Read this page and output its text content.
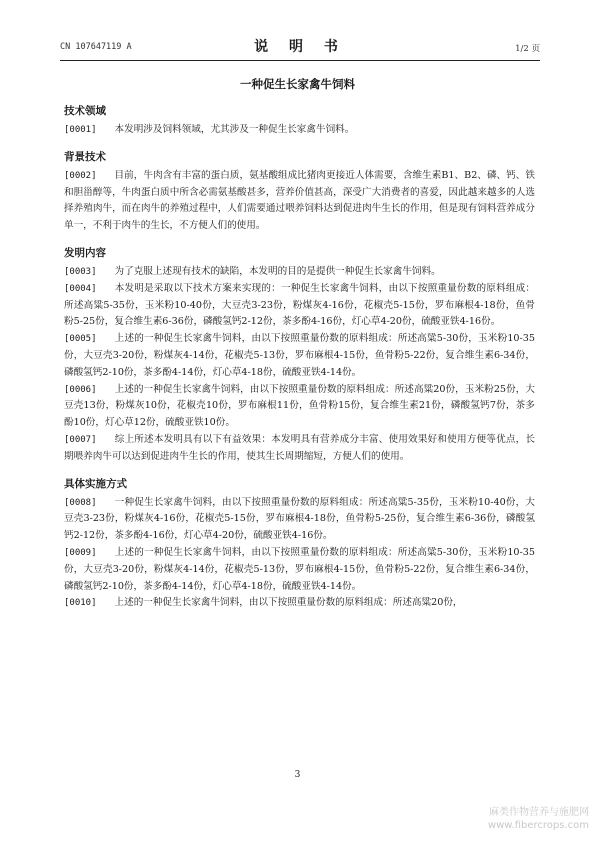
CN 107647119 A	说 明 书	1/2 页
一种促生长家禽牛饲料
技术领域

[0001] 本发明涉及饲料领域，尤其涉及一种促生长家禽牛饲料。

背景技术

[0002] 目前，牛肉含有丰富的蛋白质，氨基酸组成比猪肉更接近人体需要，含维生素B1、B2、磷、钙、铁和胆甾醇等，牛肉蛋白质中所含必需氨基酸甚多，营养价值甚高，深受广大消费者的喜爱，因此越来越多的人选择养殖肉牛，而在肉牛的养殖过程中，人们需要通过喂养饲料达到促进肉牛生长的作用，但是现有饲料营养成分单一，不利于肉牛的生长，不方便人们的使用。

发明内容

[0003] 为了克服上述现有技术的缺陷，本发明的目的是提供一种促生长家禽牛饲料。

[0004] 本发明是采取以下技术方案来实现的：一种促生长家禽牛饲料，由以下按照重量份数的原料组成：所述高粱5-35份，玉米粉10-40份，大豆壳3-23份，粉煤灰4-16份，花椒壳5-15份，罗布麻根4-18份，鱼骨粉5-25份，复合维生素6-36份，磷酸氢钙2-12份，茶多酚4-16份，灯心草4-20份，硫酸亚铁4-16份。

[0005] 上述的一种促生长家禽牛饲料，由以下按照重量份数的原料组成：所述高粱5-30份，玉米粉10-35份，大豆壳3-20份，粉煤灰4-14份，花椒壳5-13份，罗布麻根4-15份，鱼骨粉5-22份，复合维生素6-34份，磷酸氢钙2-10份，茶多酚4-14份，灯心草4-18份，硫酸亚铁4-14份。

[0006] 上述的一种促生长家禽牛饲料，由以下按照重量份数的原料组成：所述高粱20份，玉米粉25份，大豆壳13份，粉煤灰10份，花椒壳10份，罗布麻根11份，鱼骨粉15份，复合维生素21份，磷酸氢钙7份，茶多酚10份，灯心草12份，硫酸亚铁10份。

[0007] 综上所述本发明具有以下有益效果：本发明具有营养成分丰富、使用效果好和使用方便等优点，长期喂养肉牛可以达到促进肉牛生长的作用，使其生长周期缩短，方便人们的使用。

具体实施方式

[0008] 一种促生长家禽牛饲料，由以下按照重量份数的原料组成：所述高粱5-35份，玉米粉10-40份，大豆壳3-23份，粉煤灰4-16份，花椒壳5-15份，罗布麻根4-18份，鱼骨粉5-25份，复合维生素6-36份，磷酸氢钙2-12份，茶多酚4-16份，灯心草4-20份，硫酸亚铁4-16份。

[0009] 上述的一种促生长家禽牛饲料，由以下按照重量份数的原料组成：所述高粱5-30份，玉米粉10-35份，大豆壳3-20份，粉煤灰4-14份，花椒壳5-13份，罗布麻根4-15份，鱼骨粉5-22份，复合维生素6-34份，磷酸氢钙2-10份，茶多酚4-14份，灯心草4-18份，硫酸亚铁4-14份。

[0010] 上述的一种促生长家禽牛饲料，由以下按照重量份数的原料组成：所述高粱20份，

3
麻类作物营养与施肥网
www.fibercrops.com
